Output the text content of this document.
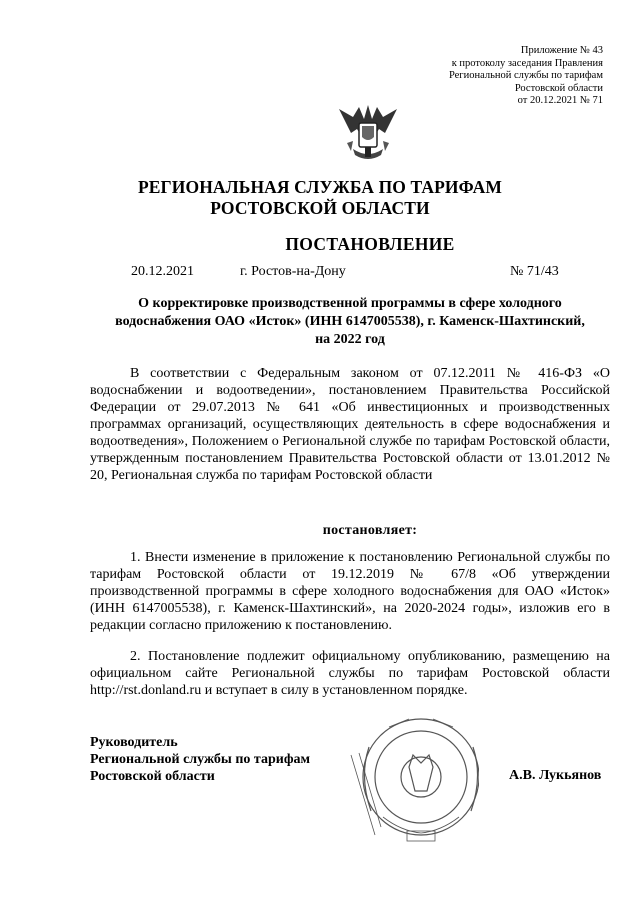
Приложение № 43
к протоколу заседания Правления
Региональной службы по тарифам
Ростовской области
от 20.12.2021 № 71
РЕГИОНАЛЬНАЯ СЛУЖБА ПО ТАРИФАМ
РОСТОВСКОЙ ОБЛАСТИ
ПОСТАНОВЛЕНИЕ
20.12.2021	г. Ростов-на-Дону	№ 71/43
О корректировке производственной программы в сфере холодного
водоснабжения ОАО «Исток» (ИНН 6147005538), г. Каменск-Шахтинский,
на 2022 год
В соответствии с Федеральным законом от 07.12.2011 № 416-ФЗ «О водоснабжении и водоотведении», постановлением Правительства Российской Федерации от 29.07.2013 № 641 «Об инвестиционных и производственных программах организаций, осуществляющих деятельность в сфере водоснабжения и водоотведения», Положением о Региональной службе по тарифам Ростовской области, утвержденным постановлением Правительства Ростовской области от 13.01.2012 № 20, Региональная служба по тарифам Ростовской области
постановляет:
1. Внести изменение в приложение к постановлению Региональной службы по тарифам Ростовской области от 19.12.2019 № 67/8 «Об утверждении производственной программы в сфере холодного водоснабжения для ОАО «Исток» (ИНН 6147005538), г. Каменск-Шахтинский», на 2020-2024 годы», изложив его в редакции согласно приложению к постановлению.
2. Постановление подлежит официальному опубликованию, размещению на официальном сайте Региональной службы по тарифам Ростовской области http://rst.donland.ru и вступает в силу в установленном порядке.
Руководитель
Региональной службы по тарифам
Ростовской области	А.В. Лукьянов
